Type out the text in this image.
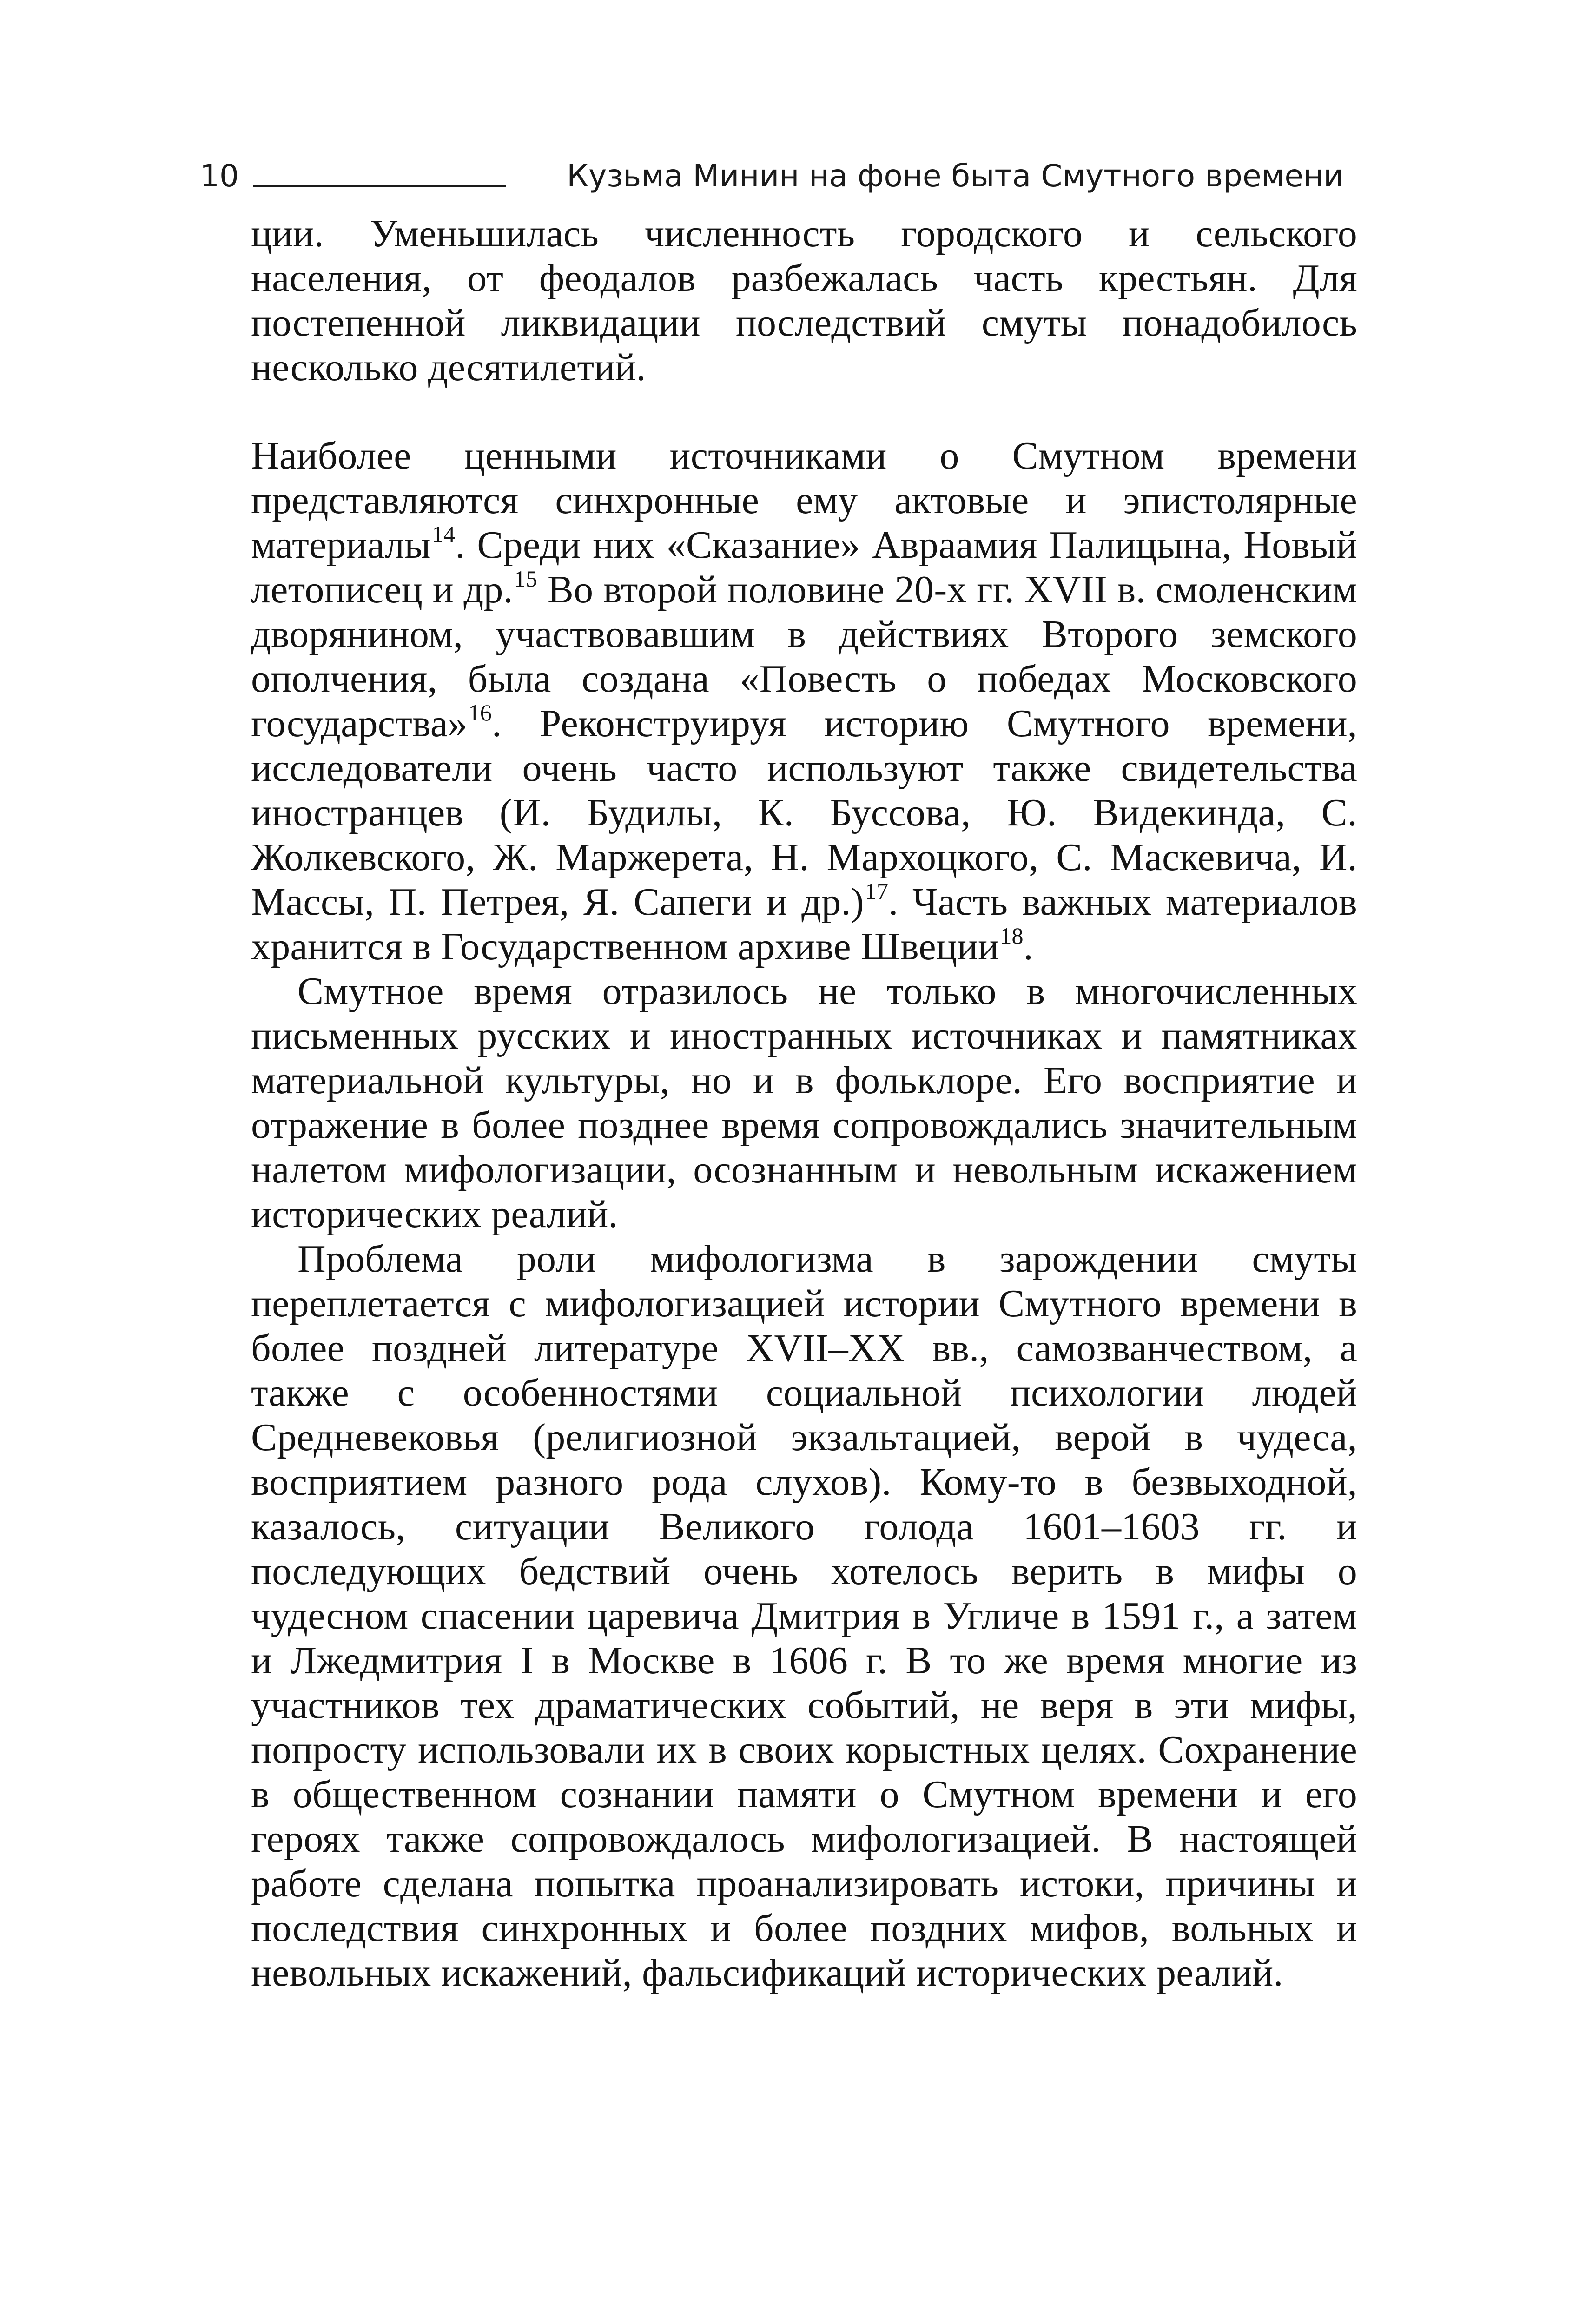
10	Кузьма Минин на фоне быта Смутного времени

ции. Уменьшилась численность городского и сельского населения, от феодалов разбежалась часть крестьян. Для постепенной ликвидации последствий смуты понадобилось несколько десятилетий.

Наиболее ценными источниками о Смутном времени представляются синхронные ему актовые и эпистолярные материалы$^{14}$. Среди них «Сказание» Авраамия Палицына, Новый летописец и др.$^{15}$ Во второй половине 20-х гг. XVII в. смоленским дворянином, участвовавшим в действиях Второго земского ополчения, была создана «Повесть о победах Московского государства»$^{16}$. Реконструируя историю Смутного времени, исследователи очень часто используют также свидетельства иностранцев (И. Будилы, К. Буссова, Ю. Видекинда, С. Жолкевского, Ж. Маржерета, Н. Мархоцкого, С. Маскевича, И. Массы, П. Петрея, Я. Сапеги и др.)$^{17}$. Часть важных материалов хранится в Государственном архиве Швеции$^{18}$.

Смутное время отразилось не только в многочисленных письменных русских и иностранных источниках и памятниках материальной культуры, но и в фольклоре. Его восприятие и отражение в более позднее время сопровождались значительным налетом мифологизации, осознанным и невольным искажением исторических реалий.

Проблема роли мифологизма в зарождении смуты переплетается с мифологизацией истории Смутного времени в более поздней литературе XVII–XX вв., самозванчеством, а также с особенностями социальной психологии людей Средневековья (религиозной экзальтацией, верой в чудеса, восприятием разного рода слухов). Кому-то в безвыходной, казалось, ситуации Великого голода 1601–1603 гг. и последующих бедствий очень хотелось верить в мифы о чудесном спасении царевича Дмитрия в Угличе в 1591 г., а затем и Лжедмитрия I в Москве в 1606 г. В то же время многие из участников тех драматических событий, не веря в эти мифы, попросту использовали их в своих корыстных целях. Сохранение в общественном сознании памяти о Смутном времени и его героях также сопровождалось мифологизацией. В настоящей работе сделана попытка проанализировать истоки, причины и последствия синхронных и более поздних мифов, вольных и невольных искажений, фальсификаций исторических реалий.
